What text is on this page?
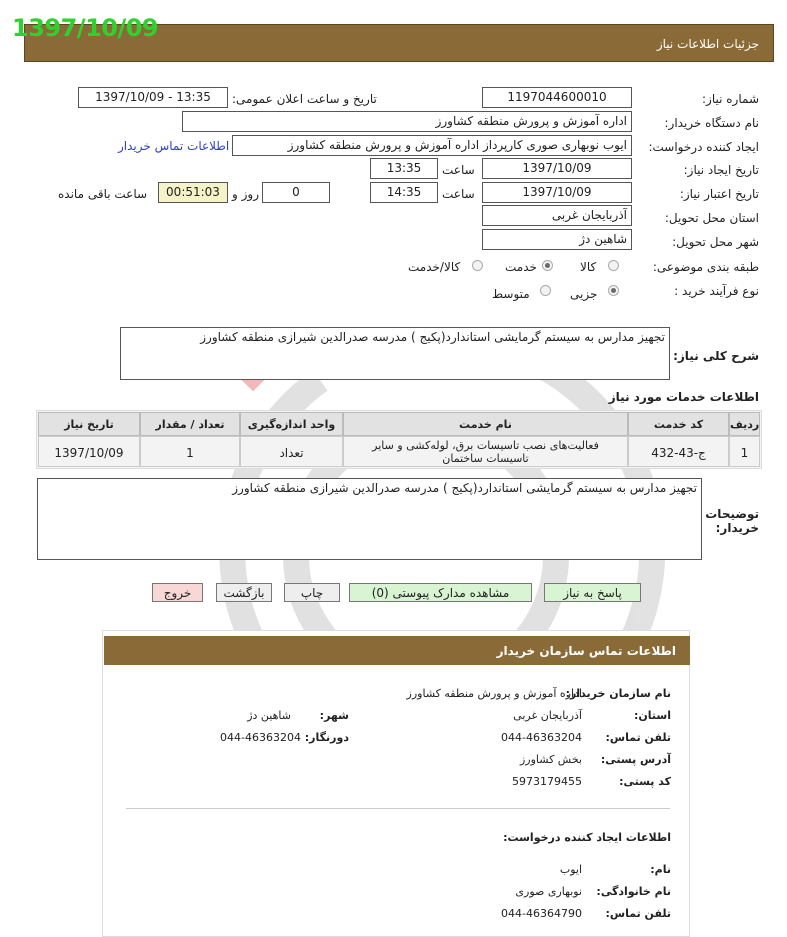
جزئیات اطلاعات نیاز
1397/10/09
شماره نیاز:
1197044600010
تاریخ و ساعت اعلان عمومی:
1397/10/09 - 13:35
نام دستگاه خریدار:
اداره آموزش و پرورش منطقه کشاورز
ایجاد کننده درخواست:
ایوب نوبهاری صوری کارپرداز اداره آموزش و پرورش منطقه کشاورز
اطلاعات تماس خریدار
تاریخ ایجاد نیاز:
1397/10/09
ساعت
13:35
تاریخ اعتبار نیاز:
1397/10/09
ساعت
14:35
0
روز و
00:51:03
ساعت باقی مانده
استان محل تحویل:
آذربایجان غربی
شهر محل تحویل:
شاهین دژ
طبقه بندی موضوعی:
کالا
خدمت
کالا/خدمت
نوع فرآیند خرید :
جزیی
متوسط
شرح کلی نیاز:
تجهیز مدارس به سیستم گرمایشی استاندارد(پکیج ) مدرسه صدرالدین شیرازی منطقه کشاورز
اطلاعات خدمات مورد نیاز
ردیف
کد خدمت
نام خدمت
واحد اندازه‌گیری
تعداد / مقدار
تاریخ نیاز
1
ج-43-432
فعالیت‌های نصب تاسیسات برق، لوله‌کشی و سایر تاسیسات ساختمان
تعداد
1
1397/10/09
توضیحات خریدار:
تجهیز مدارس به سیستم گرمایشی استاندارد(پکیج ) مدرسه صدرالدین شیرازی منطقه کشاورز
پاسخ به نیاز
مشاهده مدارک پیوستی (0)
چاپ
بازگشت
خروج
اطلاعات تماس سازمان خریدار
نام سازمان خریدار:
اداره آموزش و پرورش منطقه کشاورز
استان:
آذربایجان غربی
شهر:
شاهین دژ
تلفن تماس:
044-46363204
دورنگار:
044-46363204
آدرس پستی:
بخش کشاورز
کد پستی:
5973179455
اطلاعات ایجاد کننده درخواست:
نام:
ایوب
نام خانوادگی:
نوبهاری صوری
تلفن تماس:
044-46364790
